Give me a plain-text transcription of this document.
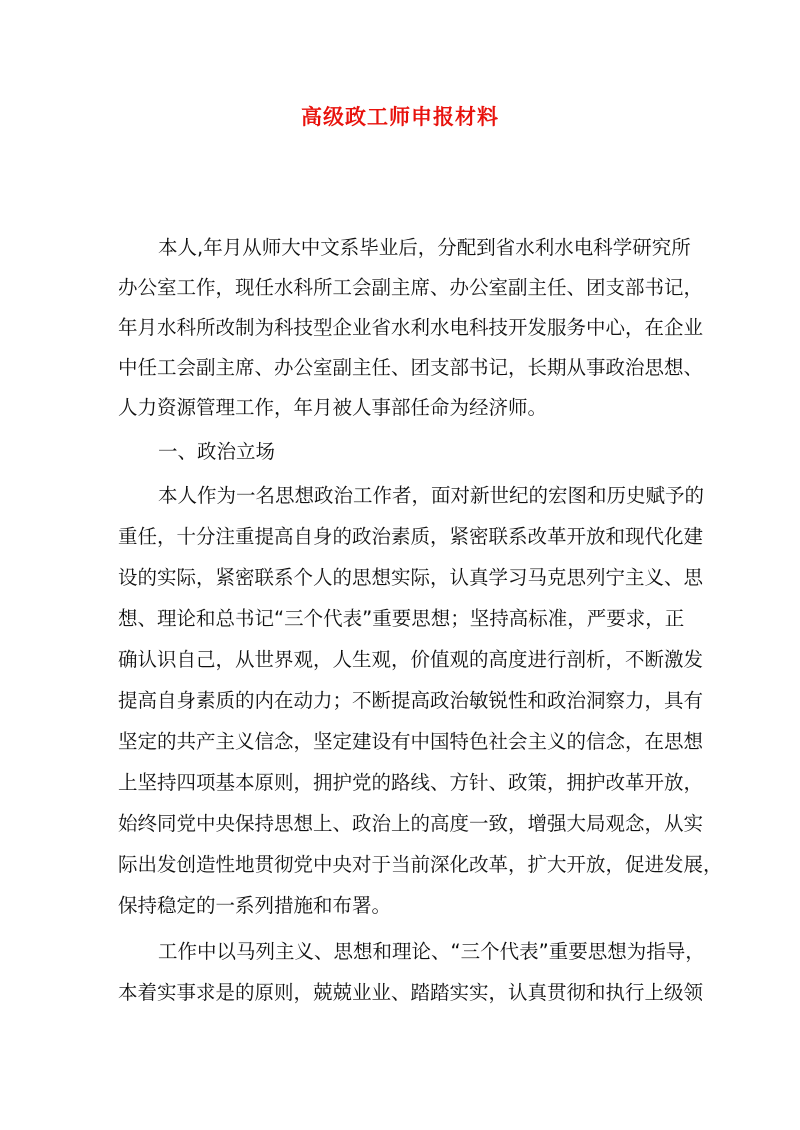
高级政工师申报材料
本人,年月从师大中文系毕业后，分配到省水利水电科学研究所
办公室工作，现任水科所工会副主席、办公室副主任、团支部书记，
年月水科所改制为科技型企业省水利水电科技开发服务中心，在企业
中任工会副主席、办公室副主任、团支部书记，长期从事政治思想、
人力资源管理工作，年月被人事部任命为经济师。
一、政治立场
本人作为一名思想政治工作者，面对新世纪的宏图和历史赋予的
重任，十分注重提高自身的政治素质，紧密联系改革开放和现代化建
设的实际，紧密联系个人的思想实际，认真学习马克思列宁主义、思
想、理论和总书记“三个代表”重要思想；坚持高标准，严要求，正
确认识自己，从世界观，人生观，价值观的高度进行剖析，不断激发
提高自身素质的内在动力；不断提高政治敏锐性和政治洞察力，具有
坚定的共产主义信念，坚定建设有中国特色社会主义的信念，在思想
上坚持四项基本原则，拥护党的路线、方针、政策，拥护改革开放，
始终同党中央保持思想上、政治上的高度一致，增强大局观念，从实
际出发创造性地贯彻党中央对于当前深化改革，扩大开放，促进发展，
保持稳定的一系列措施和布署。
工作中以马列主义、思想和理论、“三个代表”重要思想为指导，
本着实事求是的原则，兢兢业业、踏踏实实，认真贯彻和执行上级领
